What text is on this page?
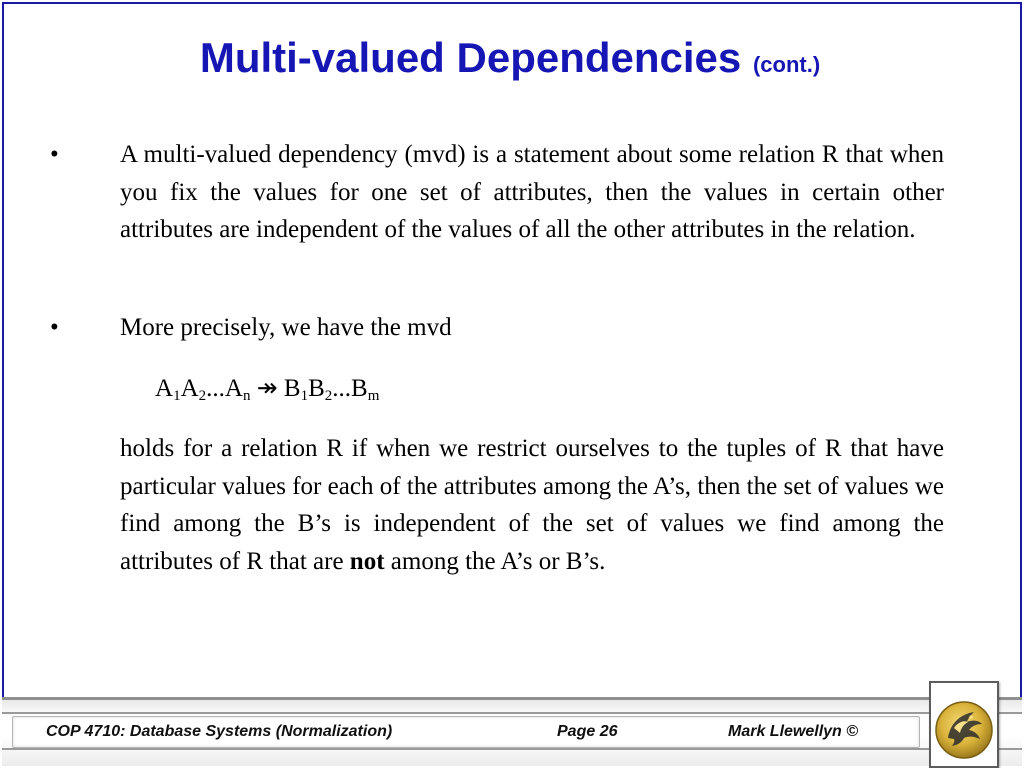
Multi-valued Dependencies (cont.)
•	A multi-valued dependency (mvd) is a statement about some relation R that when you fix the values for one set of attributes, then the values in certain other attributes are independent of the values of all the other attributes in the relation.

•	More precisely, we have the mvd

$A_1A_2...A_n$ ↠ $B_1B_2...B_m$

holds for a relation R if when we restrict ourselves to the tuples of R that have particular values for each of the attributes among the A’s, then the set of values we find among the B’s is independent of the set of values we find among the attributes of R that are not among the A’s or B’s.

COP 4710: Database Systems (Normalization)	Page 26	Mark Llewellyn ©
